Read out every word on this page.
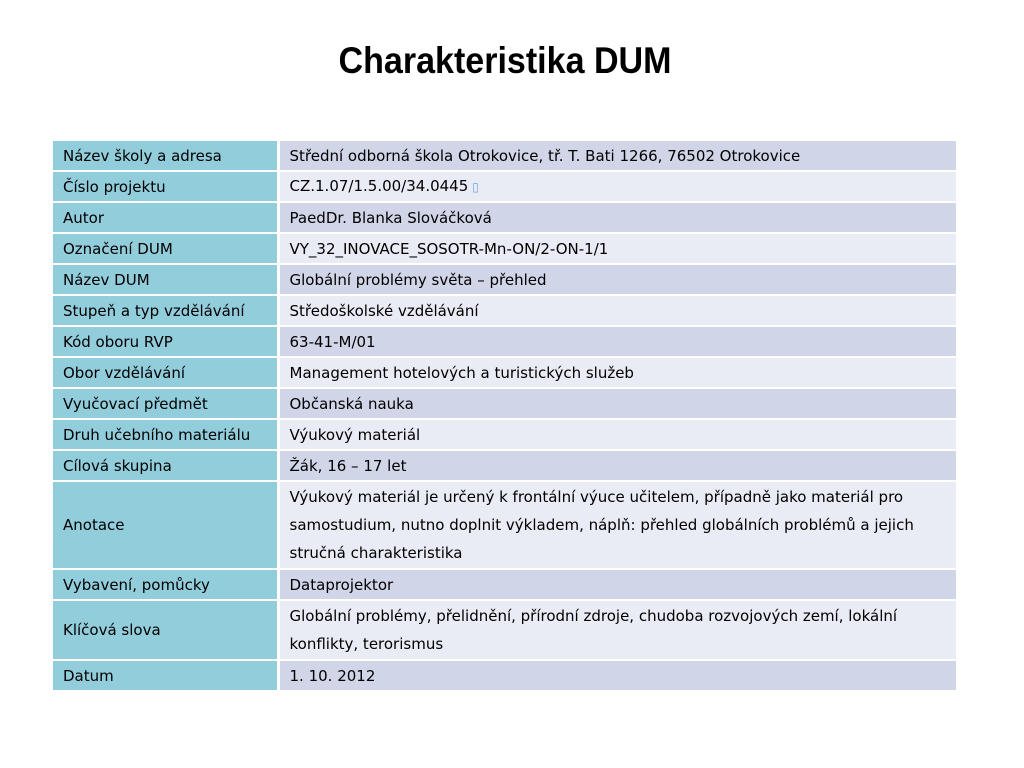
Charakteristika DUM
Název školy a adresa	Střední odborná škola Otrokovice, tř. T. Bati 1266, 76502 Otrokovice
Číslo projektu	CZ.1.07/1.5.00/34.0445 ▯
Autor	PaedDr. Blanka Slováčková
Označení DUM	VY_32_INOVACE_SOSOTR-Mn-ON/2-ON-1/1
Název DUM	Globální problémy světa – přehled
Stupeň a typ vzdělávání	Středoškolské vzdělávání
Kód oboru RVP	63-41-M/01
Obor vzdělávání	Management hotelových a turistických služeb
Vyučovací předmět	Občanská nauka
Druh učebního materiálu	Výukový materiál
Cílová skupina	Žák, 16 – 17 let
Anotace	Výukový materiál je určený k frontální výuce učitelem, případně jako materiál pro samostudium, nutno doplnit výkladem, náplň: přehled globálních problémů a jejich stručná charakteristika
Vybavení, pomůcky	Dataprojektor
Klíčová slova	Globální problémy, přelidnění, přírodní zdroje, chudoba rozvojových zemí, lokální konflikty, terorismus
Datum	1. 10. 2012
